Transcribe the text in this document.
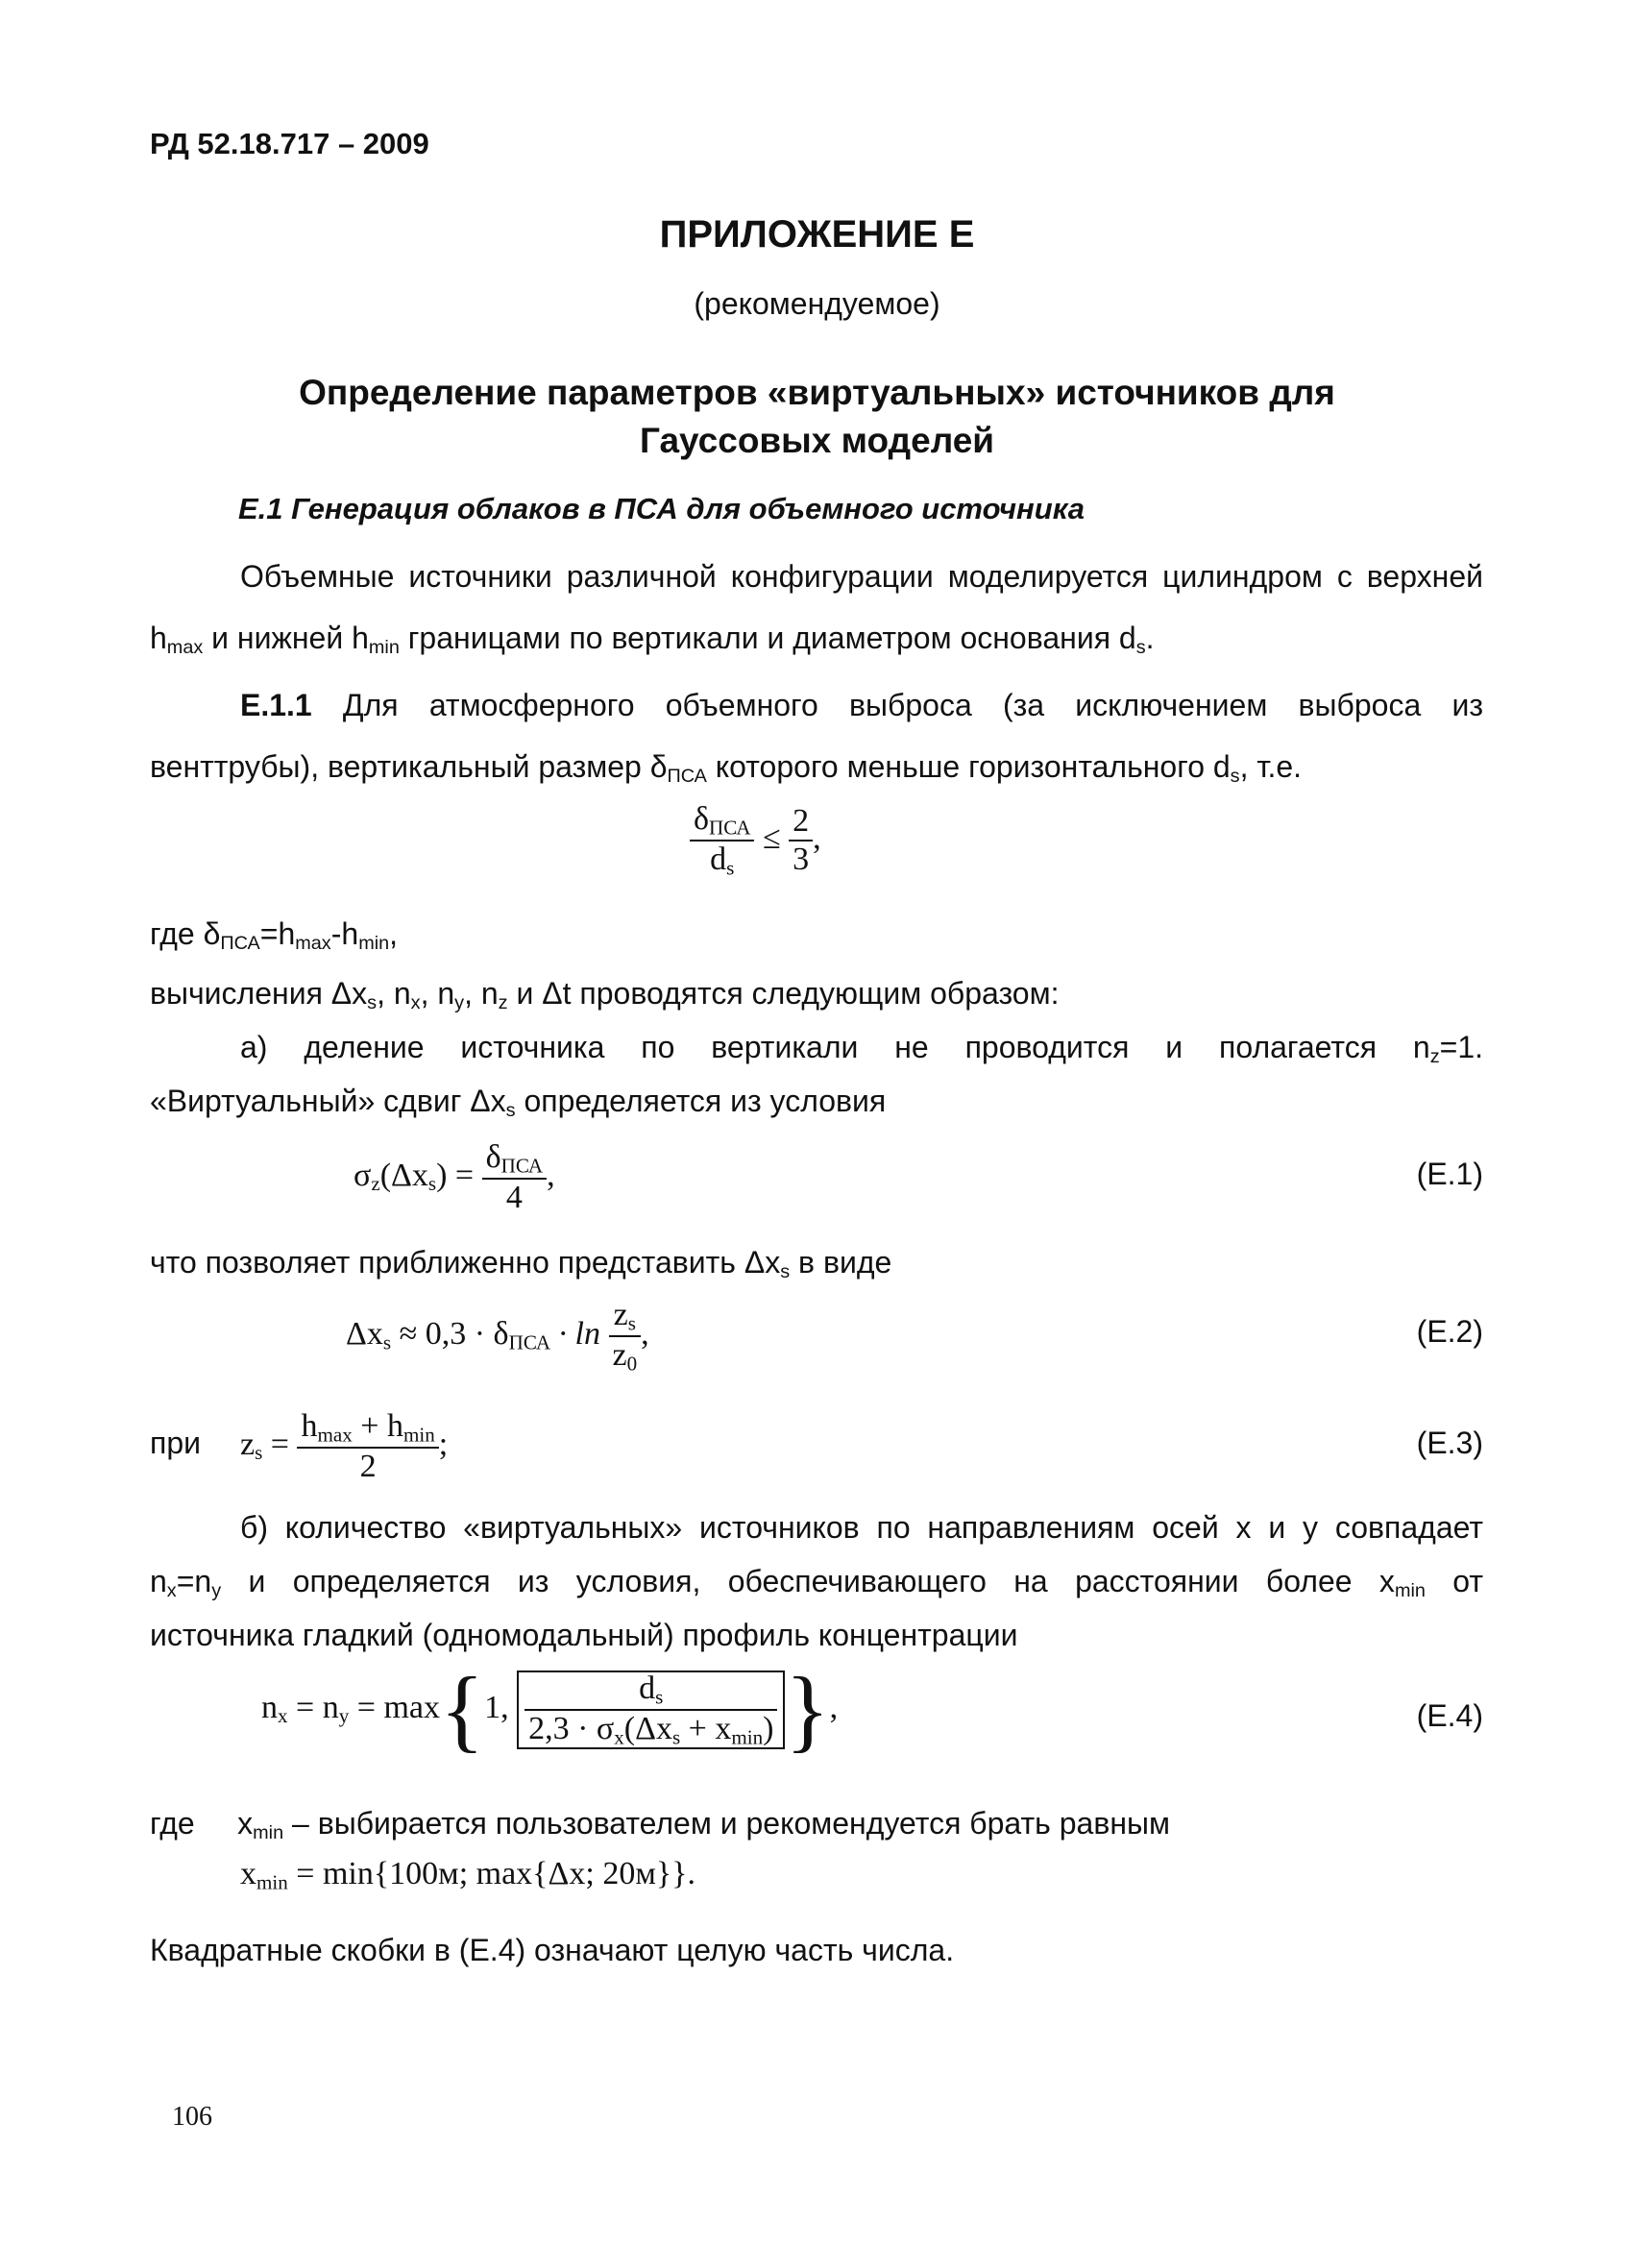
РД 52.18.717 – 2009
ПРИЛОЖЕНИЕ Е
(рекомендуемое)
Определение параметров «виртуальных» источников для
Гауссовых моделей
Е.1 Генерация облаков в ПСА для объемного источника
Объемные источники различной конфигурации моделируется цилиндром с верхней
$h_{max}$ и нижней $h_{min}$ границами по вертикали и диаметром основания $d_s$.
Е.1.1 Для атмосферного объемного выброса (за исключением выброса из
венттрубы), вертикальный размер $\delta_{ПСА}$ которого меньше горизонтального $d_s$, т.е.
$\frac{\delta_{ПСА}}{d_s} \le \frac{2}{3}$ ,
где $\delta_{ПСА}=h_{max}-h_{min}$,
вычисления $\Delta x_s$, $n_x$, $n_y$, $n_z$ и Δt проводятся следующим образом:
а) деление источника по вертикали не проводится и полагается $n_z=1$.
«Виртуальный» сдвиг $\Delta x_s$ определяется из условия
$\sigma_z(\Delta x_s) = \frac{\delta_{ПСА}}{4}$ ,	(Е.1)
что позволяет приближенно представить $\Delta x_s$ в виде
$\Delta x_s \approx 0,3 \cdot \delta_{ПСА} \cdot \ln \frac{z_s}{z_0}$ ,	(Е.2)
при $z_s = \frac{h_{max} + h_{min}}{2}$ ;	(Е.3)
б) количество «виртуальных» источников по направлениям осей x и y совпадает
$n_x=n_y$ и определяется из условия, обеспечивающего на расстоянии более $x_{min}$ от
источника гладкий (одномодальный) профиль концентрации
$n_x = n_y = \max\{1$, $\frac{d_s}{2,3 \cdot \sigma_x(\Delta x_s + x_{min})}$ },	(Е.4)
где $x_{min}$ – выбирается пользователем и рекомендуется брать равным
$x_{min} = \min\{100м$; max{Δx; 20м}}.
Квадратные скобки в (Е.4) означают целую часть числа.
106
